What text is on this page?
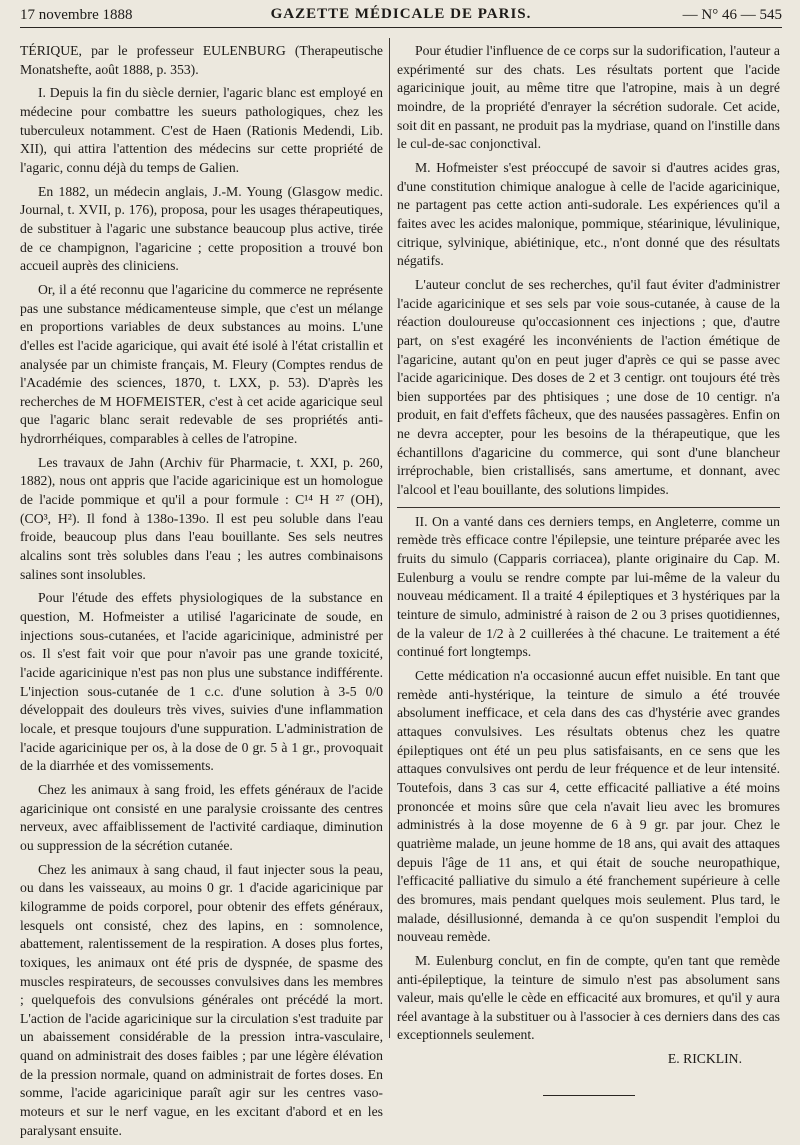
17 novembre 1888	GAZETTE MÉDICALE DE PARIS.	— N° 46 — 545

TÉRIQUE, par le professeur EULENBURG (Therapeutische Monatshefte, août 1888, p. 353).

I. Depuis la fin du siècle dernier, l'agaric blanc est employé en médecine pour combattre les sueurs pathologiques, chez les tuberculeux notamment. C'est de Haen (Rationis Medendi, Lib. XII), qui attira l'attention des médecins sur cette propriété de l'agaric, connu déjà du temps de Galien.

En 1882, un médecin anglais, J.-M. Young (Glasgow medic. Journal, t. XVII, p. 176), proposa, pour les usages thérapeutiques, de substituer à l'agaric une substance beaucoup plus active, tirée de ce champignon, l'agaricine ; cette proposition a trouvé bon accueil auprès des cliniciens.

Or, il a été reconnu que l'agaricine du commerce ne représente pas une substance médicamenteuse simple, que c'est un mélange en proportions variables de deux substances au moins. L'une d'elles est l'acide agaricique, qui avait été isolé à l'état cristallin et analysée par un chimiste français, M. Fleury (Comptes rendus de l'Académie des sciences, 1870, t. LXX, p. 53). D'après les recherches de M HOFMEISTER, c'est à cet acide agaricique seul que l'agaric blanc serait redevable de ses propriétés anti-hydrorrhéiques, comparables à celles de l'atropine.

Les travaux de Jahn (Archiv für Pharmacie, t. XXI, p. 260, 1882), nous ont appris que l'acide agaricinique est un homologue de l'acide pommique et qu'il a pour formule : C¹⁴ H ²⁷ (OH), (CO³, H²). Il fond à 138o-139o. Il est peu soluble dans l'eau froide, beaucoup plus dans l'eau bouillante. Ses sels neutres alcalins sont très solubles dans l'eau ; les autres combinaisons salines sont insolubles.

Pour l'étude des effets physiologiques de la substance en question, M. Hofmeister a utilisé l'agaricinate de soude, en injections sous-cutanées, et l'acide agaricinique, administré per os. Il s'est fait voir que pour n'avoir pas une grande toxicité, l'acide agaricinique n'est pas non plus une substance indifférente. L'injection sous-cutanée de 1 c.c. d'une solution à 3-5 0/0 développait des douleurs très vives, suivies d'une inflammation locale, et presque toujours d'une suppuration. L'administration de l'acide agaricinique per os, à la dose de 0 gr. 5 à 1 gr., provoquait de la diarrhée et des vomissements.

Chez les animaux à sang froid, les effets généraux de l'acide agaricinique ont consisté en une paralysie croissante des centres nerveux, avec affaiblissement de l'activité cardiaque, diminution ou suppression de la sécrétion cutanée.

Chez les animaux à sang chaud, il faut injecter sous la peau, ou dans les vaisseaux, au moins 0 gr. 1 d'acide agaricinique par kilogramme de poids corporel, pour obtenir des effets généraux, lesquels ont consisté, chez des lapins, en : somnolence, abattement, ralentissement de la respiration. A doses plus fortes, toxiques, les animaux ont été pris de dyspnée, de spasme des muscles respirateurs, de secousses convulsives dans les membres ; quelquefois des convulsions générales ont précédé la mort. L'action de l'acide agaricinique sur la circulation s'est traduite par un abaissement considérable de la pression intra-vasculaire, quand on administrait des doses faibles ; par une légère élévation de la pression normale, quand on administrait de fortes doses. En somme, l'acide agaricinique paraît agir sur les centres vaso-moteurs et sur le nerf vague, en les excitant d'abord et en les paralysant ensuite.

Pour étudier l'influence de ce corps sur la sudorification, l'auteur a expérimenté sur des chats. Les résultats portent que l'acide agaricinique jouit, au même titre que l'atropine, mais à un degré moindre, de la propriété d'enrayer la sécrétion sudorale. Cet acide, soit dit en passant, ne produit pas la mydriase, quand on l'instille dans le cul-de-sac conjonctival.

M. Hofmeister s'est préoccupé de savoir si d'autres acides gras, d'une constitution chimique analogue à celle de l'acide agaricinique, ne partagent pas cette action anti-sudorale. Les expériences qu'il a faites avec les acides malonique, pommique, stéarinique, lévulinique, citrique, sylvinique, abiétinique, etc., n'ont donné que des résultats négatifs.

L'auteur conclut de ses recherches, qu'il faut éviter d'administrer l'acide agaricinique et ses sels par voie sous-cutanée, à cause de la réaction douloureuse qu'occasionnent ces injections ; que, d'autre part, on s'est exagéré les inconvénients de l'action émétique de l'agaricine, autant qu'on en peut juger d'après ce qui se passe avec l'acide agaricinique. Des doses de 2 et 3 centigr. ont toujours été très bien supportées par des phtisiques ; une dose de 10 centigr. n'a produit, en fait d'effets fâcheux, que des nausées passagères. Enfin on ne devra accepter, pour les besoins de la thérapeutique, que les échantillons d'agaricine du commerce, qui sont d'une blancheur irréprochable, bien cristallisés, sans amertume, et donnant, avec l'alcool et l'eau bouillante, des solutions limpides.

II. On a vanté dans ces derniers temps, en Angleterre, comme un remède très efficace contre l'épilepsie, une teinture préparée avec les fruits du simulo (Capparis corriacea), plante originaire du Cap. M. Eulenburg a voulu se rendre compte par lui-même de la valeur du nouveau médicament. Il a traité 4 épileptiques et 3 hystériques par la teinture de simulo, administré à raison de 2 ou 3 prises quotidiennes, de la valeur de 1/2 à 2 cuillerées à thé chacune. Le traitement a été continué fort longtemps.

Cette médication n'a occasionné aucun effet nuisible. En tant que remède anti-hystérique, la teinture de simulo a été trouvée absolument inefficace, et cela dans des cas d'hystérie avec grandes attaques convulsives. Les résultats obtenus chez les quatre épileptiques ont été un peu plus satisfaisants, en ce sens que les attaques convulsives ont perdu de leur fréquence et de leur intensité. Toutefois, dans 3 cas sur 4, cette efficacité palliative a été moins prononcée et moins sûre que cela n'avait lieu avec les bromures administrés à la dose moyenne de 6 à 9 gr. par jour. Chez le quatrième malade, un jeune homme de 18 ans, qui avait des attaques depuis l'âge de 11 ans, et qui était de souche neuropathique, l'efficacité palliative du simulo a été franchement supérieure à celle des bromures, mais pendant quelques mois seulement. Plus tard, le malade, désillusionné, demanda à ce qu'on suspendit l'emploi du nouveau remède.

M. Eulenburg conclut, en fin de compte, qu'en tant que remède anti-épileptique, la teinture de simulo n'est pas absolument sans valeur, mais qu'elle le cède en efficacité aux bromures, et qu'il y aura réel avantage à la substituer ou à l'associer à ces derniers dans des cas exceptionnels seulement.

E. RICKLIN.
